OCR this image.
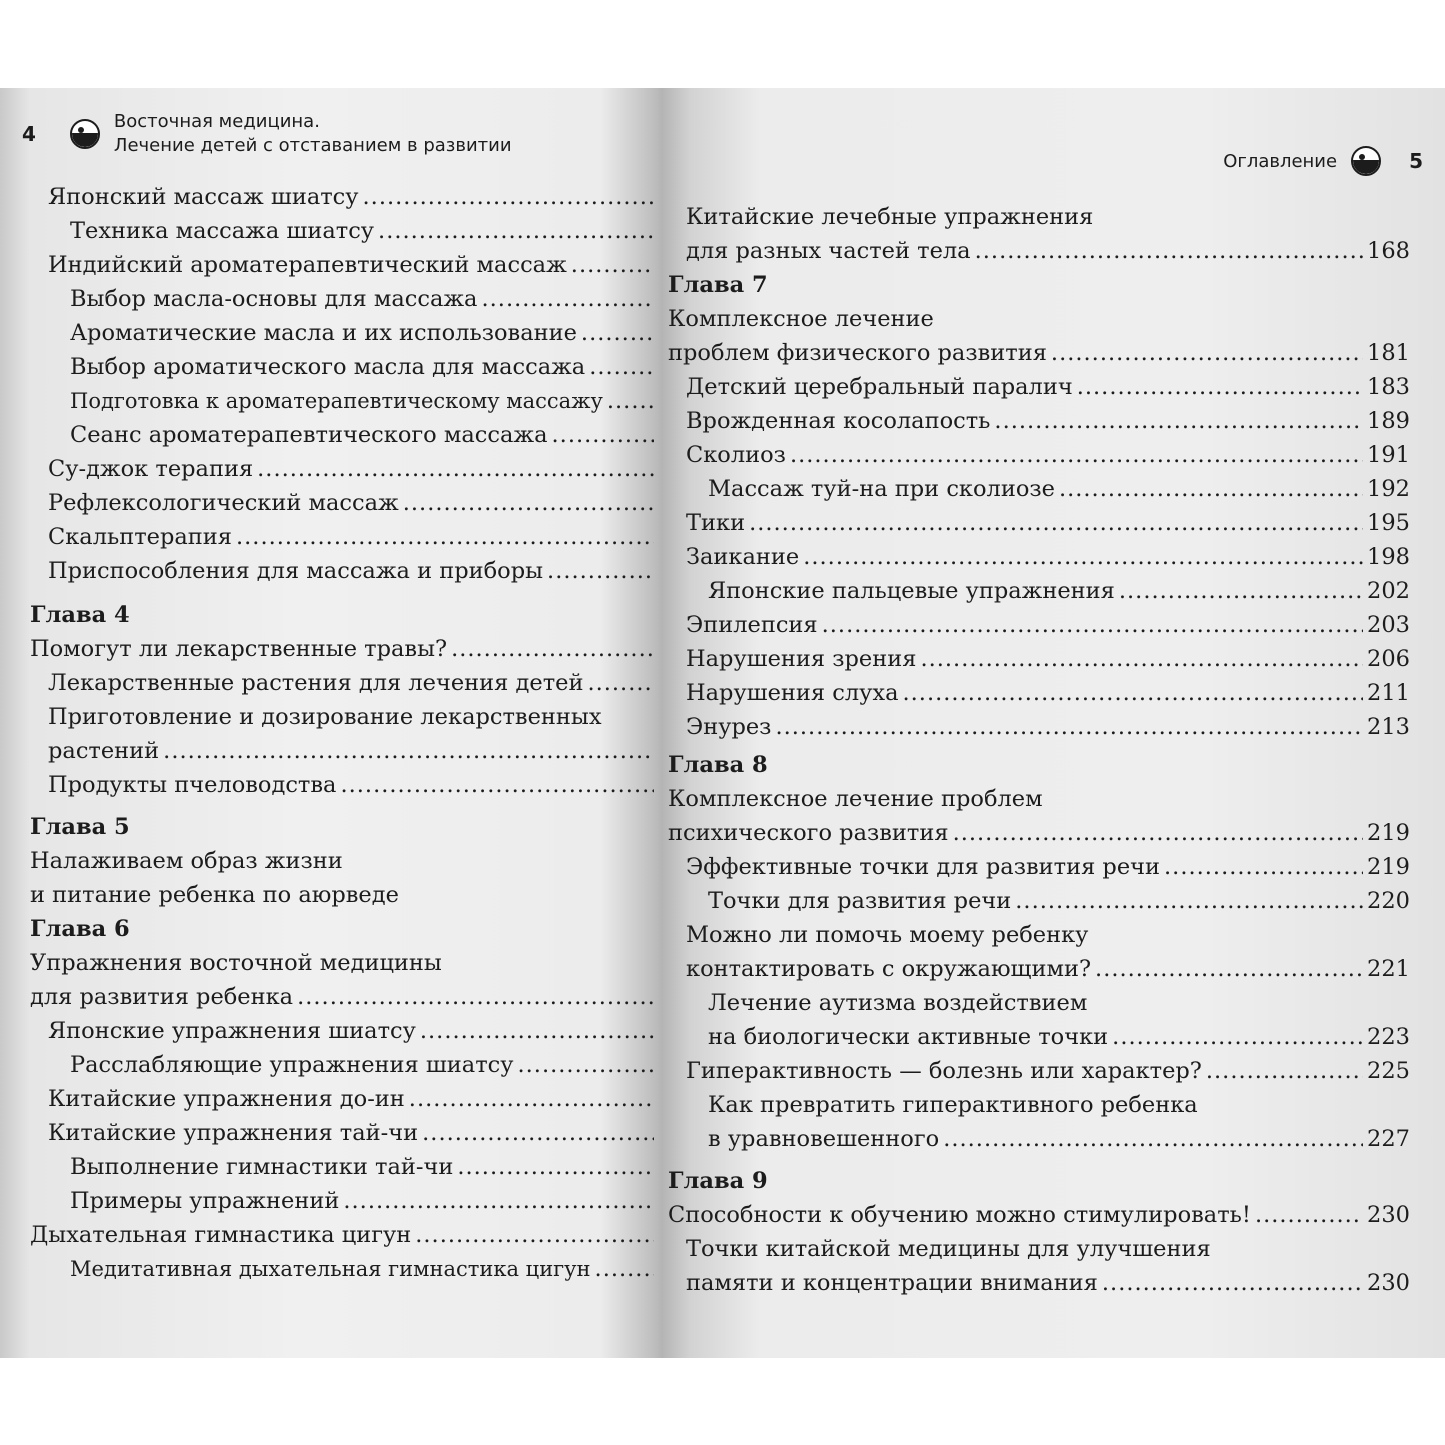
4
Восточная медицина.
Лечение детей с отставанием в развитии
Японский массаж шиатсу
.....
Техника массажа шиатсу
.....
Индийский ароматерапевтический массаж
.....
Выбор масла-основы для массажа
.....
Ароматические масла и их использование
.....
Выбор ароматического масла для массажа
.....
Подготовка к ароматерапевтическому массажу
.....
Сеанс ароматерапевтического массажа
.....
Су-джок терапия
.....
Рефлексологический массаж
.....
Скальптерапия
.....
Приспособления для массажа и приборы
.....
Глава 4
Помогут ли лекарственные травы?
.....
Лекарственные растения для лечения детей
.....
Приготовление и дозирование лекарственных
растений
.....
Продукты пчеловодства
.....
Глава 5
Налаживаем образ жизни
и питание ребенка по аюрведе
Глава 6
Упражнения восточной медицины
для развития ребенка
.....
Японские упражнения шиатсу
.....
Расслабляющие упражнения шиатсу
.....
Китайские упражнения до-ин
.....
Китайские упражнения тай-чи
.....
Выполнение гимнастики тай-чи
.....
Примеры упражнений
.....
Дыхательная гимнастика цигун
.....
Медитативная дыхательная гимнастика цигун
.....
Оглавление	5
Китайские лечебные упражнения
для разных частей тела .....	168
Глава 7
Комплексное лечение
проблем физического развития .....	181
Детский церебральный паралич .....	183
Врожденная косолапость .....	189
Сколиоз .....	191
Массаж туй-на при сколиозе .....	192
Тики .....	195
Заикание .....	198
Японские пальцевые упражнения .....	202
Эпилепсия .....	203
Нарушения зрения .....	206
Нарушения слуха .....	211
Энурез .....	213
Глава 8
Комплексное лечение проблем
психического развития .....	219
Эффективные точки для развития речи .....	219
Точки для развития речи .....	220
Можно ли помочь моему ребенку
контактировать с окружающими? .....	221
Лечение аутизма воздействием
на биологически активные точки .....	223
Гиперактивность — болезнь или характер? .....	225
Как превратить гиперактивного ребенка
в уравновешенного .....	227
Глава 9
Способности к обучению можно стимулировать! .....	230
Точки китайской медицины для улучшения
памяти и концентрации внимания .....	230
